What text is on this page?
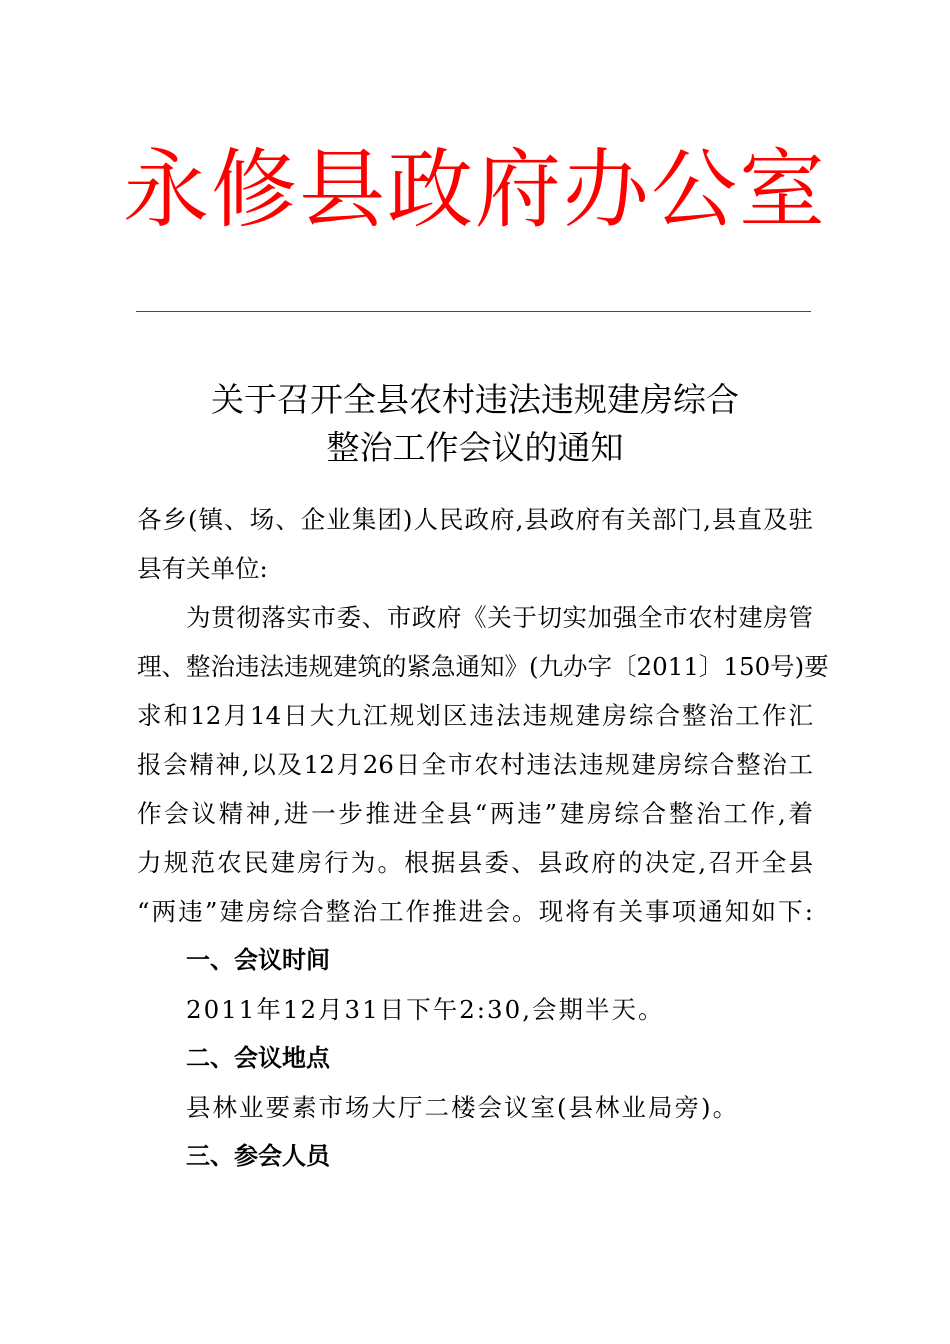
永修县政府办公室
关于召开全县农村违法违规建房综合
整治工作会议的通知
各乡(镇、场、企业集团)人民政府,县政府有关部门,县直及驻
县有关单位:
为贯彻落实市委、市政府《关于切实加强全市农村建房管
理、整治违法违规建筑的紧急通知》(九办字〔2011〕150号)要
求和12月14日大九江规划区违法违规建房综合整治工作汇
报会精神,以及12月26日全市农村违法违规建房综合整治工
作会议精神,进一步推进全县“两违”建房综合整治工作,着
力规范农民建房行为。根据县委、县政府的决定,召开全县
“两违”建房综合整治工作推进会。现将有关事项通知如下:
一、会议时间
2011年12月31日下午2:30,会期半天。
二、会议地点
县林业要素市场大厅二楼会议室(县林业局旁)。
三、参会人员
